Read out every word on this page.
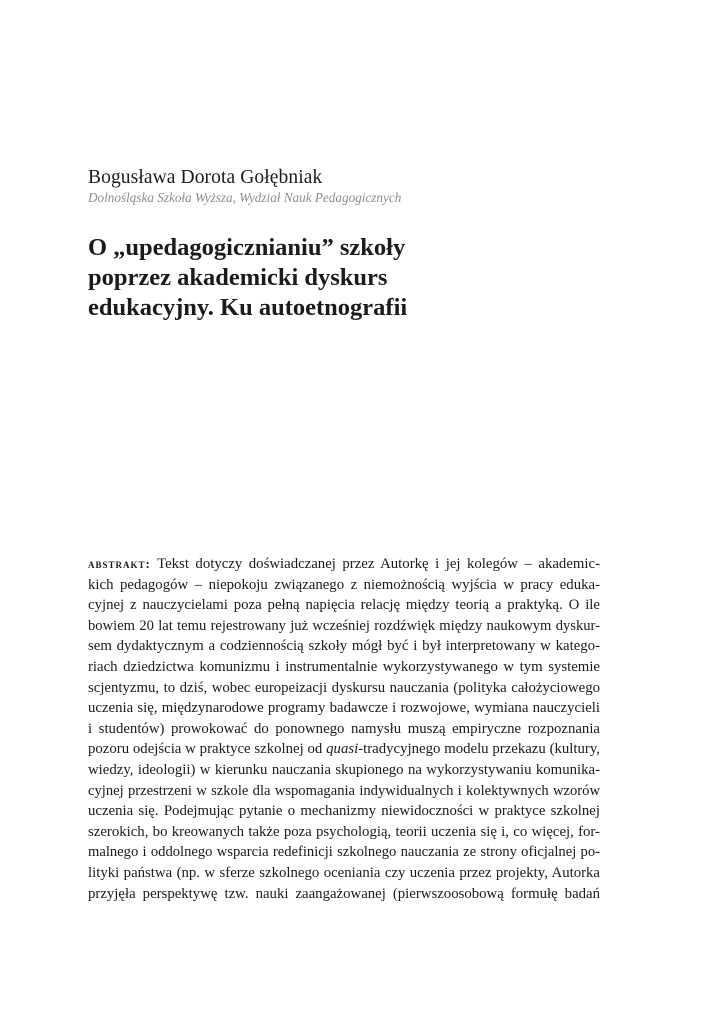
Bogusława Dorota Gołębniak
Dolnośląska Szkoła Wyższa, Wydział Nauk Pedagogicznych
O „upedagogicznianiu” szkoły
poprzez akademicki dyskurs
edukacyjny. Ku autoetnografii
abstrakt: Tekst dotyczy doświadczanej przez Autorkę i jej kolegów – akademic-
kich pedagogów – niepokoju związanego z niemożnością wyjścia w pracy eduka-
cyjnej z nauczycielami poza pełną napięcia relację między teorią a praktyką. O ile
bowiem 20 lat temu rejestrowany już wcześniej rozdźwięk między naukowym dyskur-
sem dydaktycznym a codziennością szkoły mógł być i był interpretowany w katego-
riach dziedzictwa komunizmu i instrumentalnie wykorzystywanego w tym systemie
scjentyzmu, to dziś, wobec europeizacji dyskursu nauczania (polityka całożyciowego
uczenia się, międzynarodowe programy badawcze i rozwojowe, wymiana nauczycieli
i studentów) prowokować do ponownego namysłu muszą empiryczne rozpoznania
pozoru odejścia w praktyce szkolnej od quasi-tradycyjnego modelu przekazu (kultury,
wiedzy, ideologii) w kierunku nauczania skupionego na wykorzystywaniu komunika-
cyjnej przestrzeni w szkole dla wspomagania indywidualnych i kolektywnych wzorów
uczenia się. Podejmując pytanie o mechanizmy niewidoczności w praktyce szkolnej
szerokich, bo kreowanych także poza psychologią, teorii uczenia się i, co więcej, for-
malnego i oddolnego wsparcia redefinicji szkolnego nauczania ze strony oficjalnej po-
lityki państwa (np. w sferze szkolnego oceniania czy uczenia przez projekty, Autorka
przyjęła perspektywę tzw. nauki zaangażowanej (pierwszoosobową formułę badań
